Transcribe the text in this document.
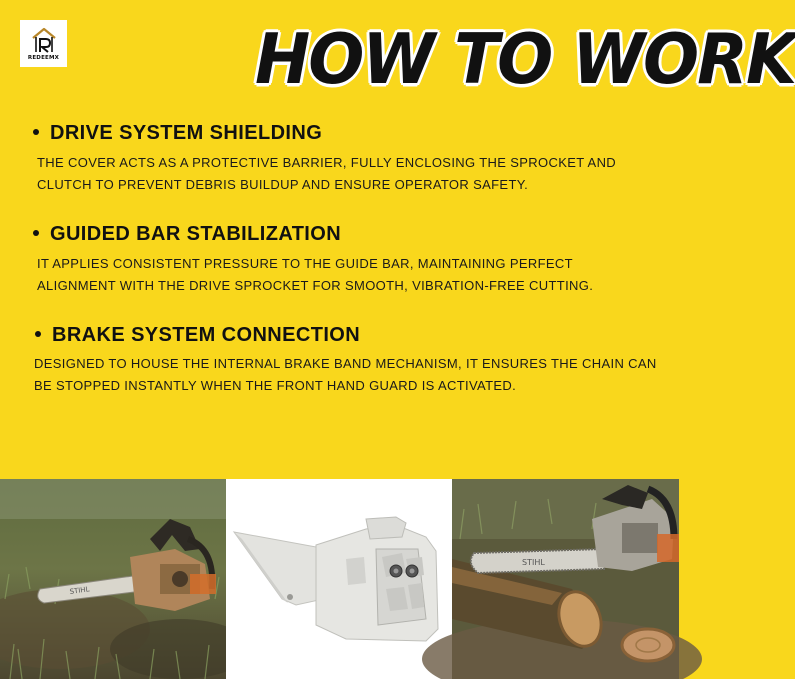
REDEEMX	HOW TO WORK
DRIVE SYSTEM SHIELDING
THE COVER ACTS AS A PROTECTIVE BARRIER, FULLY ENCLOSING THE SPROCKET AND
CLUTCH TO PREVENT DEBRIS BUILDUP AND ENSURE OPERATOR SAFETY.
GUIDED BAR STABILIZATION
IT APPLIES CONSISTENT PRESSURE TO THE GUIDE BAR, MAINTAINING PERFECT
ALIGNMENT WITH THE DRIVE SPROCKET FOR SMOOTH, VIBRATION-FREE CUTTING.
BRAKE SYSTEM CONNECTION
DESIGNED TO HOUSE THE INTERNAL BRAKE BAND MECHANISM, IT ENSURES THE CHAIN CAN
BE STOPPED INSTANTLY WHEN THE FRONT HAND GUARD IS ACTIVATED.
STIHL
STIHL
